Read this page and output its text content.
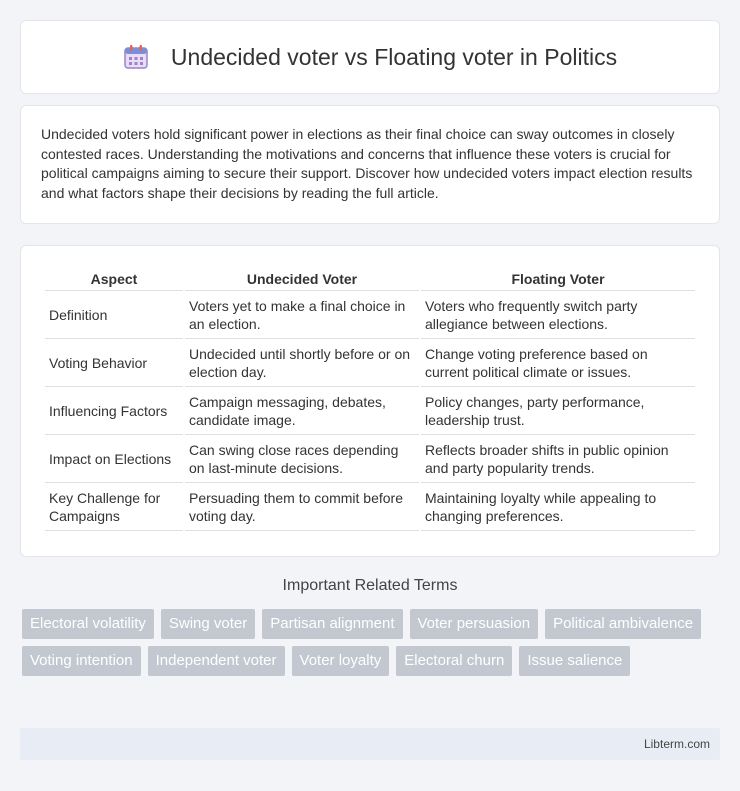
Undecided voter vs Floating voter in Politics

Undecided voters hold significant power in elections as their final choice can sway outcomes in closely contested races. Understanding the motivations and concerns that influence these voters is crucial for political campaigns aiming to secure their support. Discover how undecided voters impact election results and what factors shape their decisions by reading the full article.

Aspect	Undecided Voter	Floating Voter
Definition	Voters yet to make a final choice in an election.	Voters who frequently switch party allegiance between elections.
Voting Behavior	Undecided until shortly before or on election day.	Change voting preference based on current political climate or issues.
Influencing Factors	Campaign messaging, debates, candidate image.	Policy changes, party performance, leadership trust.
Impact on Elections	Can swing close races depending on last-minute decisions.	Reflects broader shifts in public opinion and party popularity trends.
Key Challenge for Campaigns	Persuading them to commit before voting day.	Maintaining loyalty while appealing to changing preferences.
Important Related Terms
Electoral volatility	Swing voter	Partisan alignment	Voter persuasion	Political ambivalence
Voting intention	Independent voter	Voter loyalty	Electoral churn	Issue salience
Libterm.com
